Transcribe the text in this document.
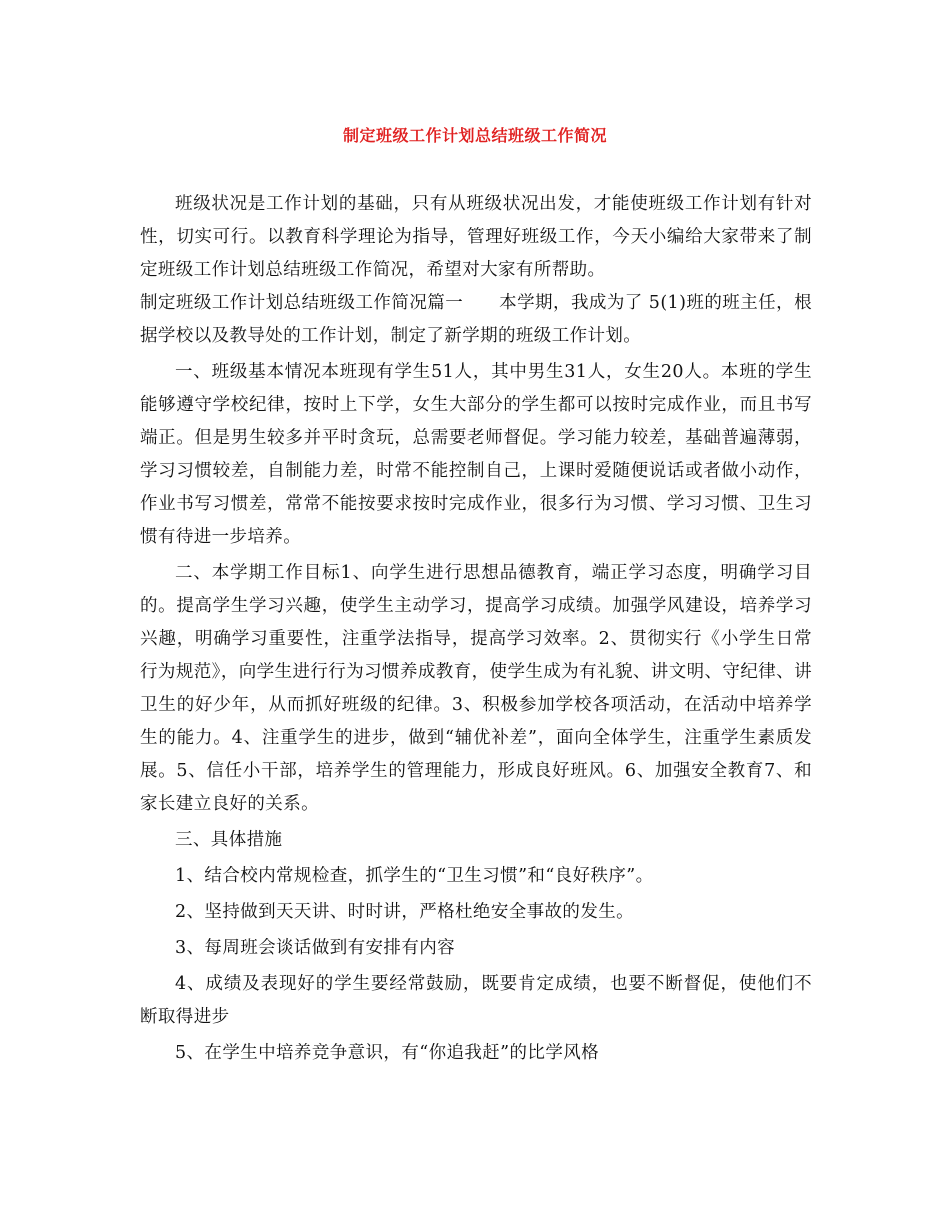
制定班级工作计划总结班级工作简况

班级状况是工作计划的基础，只有从班级状况出发，才能使班级工作计划有针对性，切实可行。以教育科学理论为指导，管理好班级工作，今天小编给大家带来了制定班级工作计划总结班级工作简况，希望对大家有所帮助。

制定班级工作计划总结班级工作简况篇一　　本学期，我成为了 5(1)班的班主任，根据学校以及教导处的工作计划，制定了新学期的班级工作计划。

一、班级基本情况本班现有学生51人，其中男生31人，女生20人。本班的学生能够遵守学校纪律，按时上下学，女生大部分的学生都可以按时完成作业，而且书写端正。但是男生较多并平时贪玩，总需要老师督促。学习能力较差，基础普遍薄弱，学习习惯较差，自制能力差，时常不能控制自己，上课时爱随便说话或者做小动作，作业书写习惯差，常常不能按要求按时完成作业，很多行为习惯、学习习惯、卫生习惯有待进一步培养。

二、本学期工作目标1、向学生进行思想品德教育，端正学习态度，明确学习目的。提高学生学习兴趣，使学生主动学习，提高学习成绩。加强学风建设，培养学习兴趣，明确学习重要性，注重学法指导，提高学习效率。2、贯彻实行《小学生日常行为规范》，向学生进行行为习惯养成教育，使学生成为有礼貌、讲文明、守纪律、讲卫生的好少年，从而抓好班级的纪律。3、积极参加学校各项活动，在活动中培养学生的能力。4、注重学生的进步，做到“辅优补差”，面向全体学生，注重学生素质发展。5、信任小干部，培养学生的管理能力，形成良好班风。6、加强安全教育7、和家长建立良好的关系。

三、具体措施

1、结合校内常规检查，抓学生的“卫生习惯”和“良好秩序”。

2、坚持做到天天讲、时时讲，严格杜绝安全事故的发生。

3、每周班会谈话做到有安排有内容

4、成绩及表现好的学生要经常鼓励，既要肯定成绩，也要不断督促，使他们不断取得进步

5、在学生中培养竞争意识，有“你追我赶”的比学风格
